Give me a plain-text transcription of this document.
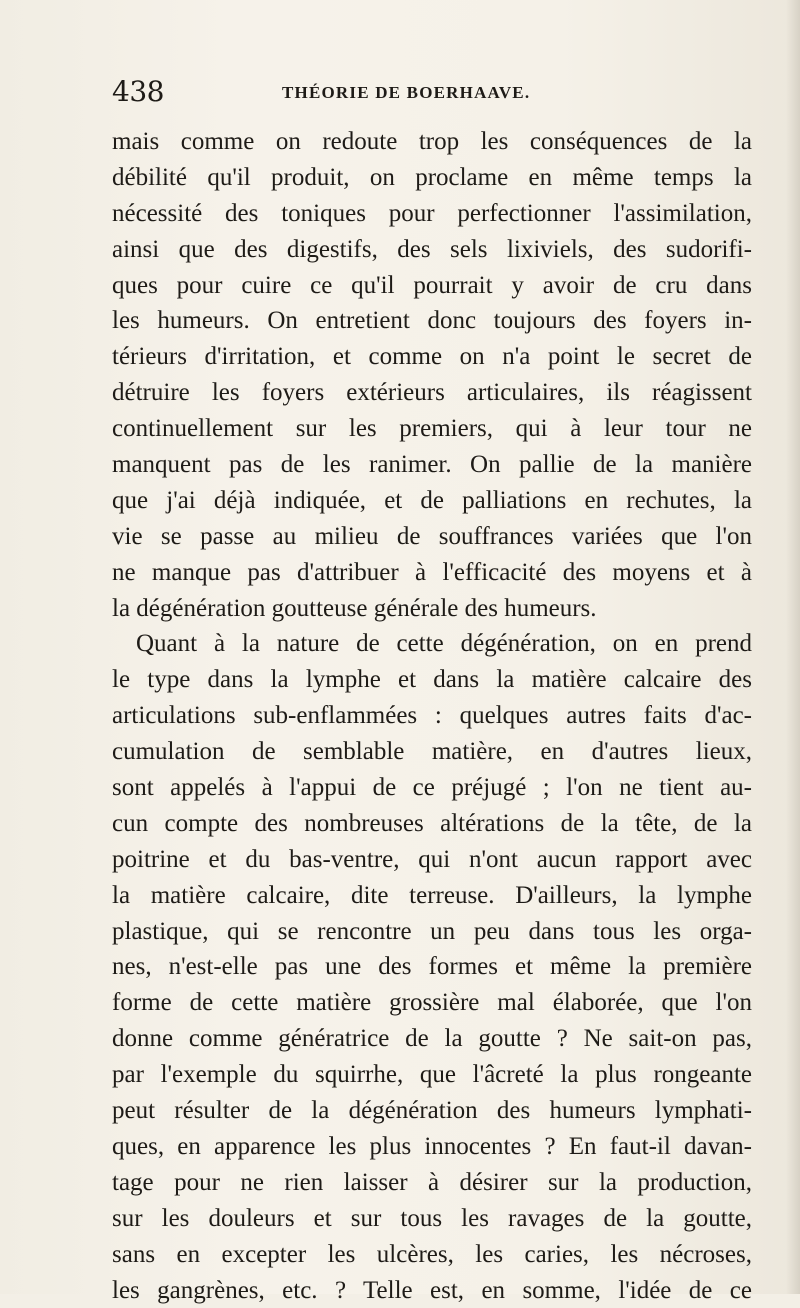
438	THÉORIE DE BOERHAAVE.
mais comme on redoute trop les conséquences de la
débilité qu'il produit, on proclame en même temps la
nécessité des toniques pour perfectionner l'assimilation,
ainsi que des digestifs, des sels lixiviels, des sudorifi-
ques pour cuire ce qu'il pourrait y avoir de cru dans
les humeurs. On entretient donc toujours des foyers in-
térieurs d'irritation, et comme on n'a point le secret de
détruire les foyers extérieurs articulaires, ils réagissent
continuellement sur les premiers, qui à leur tour ne
manquent pas de les ranimer. On pallie de la manière
que j'ai déjà indiquée, et de palliations en rechutes, la
vie se passe au milieu de souffrances variées que l'on
ne manque pas d'attribuer à l'efficacité des moyens et à
la dégénération goutteuse générale des humeurs.
Quant à la nature de cette dégénération, on en prend
le type dans la lymphe et dans la matière calcaire des
articulations sub-enflammées : quelques autres faits d'ac-
cumulation de semblable matière, en d'autres lieux,
sont appelés à l'appui de ce préjugé ; l'on ne tient au-
cun compte des nombreuses altérations de la tête, de la
poitrine et du bas-ventre, qui n'ont aucun rapport avec
la matière calcaire, dite terreuse. D'ailleurs, la lymphe
plastique, qui se rencontre un peu dans tous les orga-
nes, n'est-elle pas une des formes et même la première
forme de cette matière grossière mal élaborée, que l'on
donne comme génératrice de la goutte ? Ne sait-on pas,
par l'exemple du squirrhe, que l'âcreté la plus rongeante
peut résulter de la dégénération des humeurs lymphati-
ques, en apparence les plus innocentes ? En faut-il davan-
tage pour ne rien laisser à désirer sur la production,
sur les douleurs et sur tous les ravages de la goutte,
sans en excepter les ulcères, les caries, les nécroses,
les gangrènes, etc. ? Telle est, en somme, l'idée de ce
